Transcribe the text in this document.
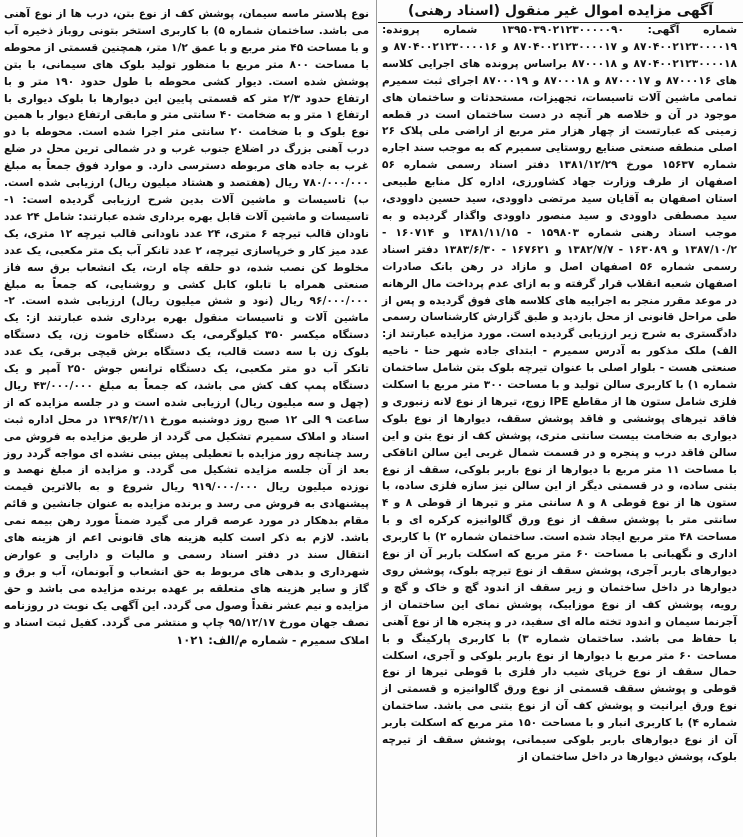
آگهی مزایده اموال غیر منقول (اسناد رهنی)

شماره آگهی: ۱۳۹۵۰۳۹۰۲۱۲۳۰۰۰۰۰۹۰ شماره پرونده: ۸۷۰۴۰۰۲۱۲۳۰۰۰۰۱۹ و ۸۷۰۴۰۰۲۱۲۳۰۰۰۰۱۷ و ۸۷۰۴۰۰۲۱۲۳۰۰۰۰۱۶ و ۸۷۰۴۰۰۲۱۲۳۰۰۰۰۱۸ و ۸۷۰۰۰۱۸ براساس پرونده های اجرایی کلاسه های ۸۷۰۰۰۱۶ و ۸۷۰۰۰۱۷ و ۸۷۰۰۰۱۸ و ۸۷۰۰۰۱۹ اجرای ثبت سمیرم تمامی ماشین آلات تاسیسات، تجهیزات، مستحدثات و ساختمان های موجود در آن و خلاصه هر آنچه در دست ساختمان است در قطعه زمینی که عبارتست از چهار هزار متر مربع از اراضی ملی پلاک ۲۶ اصلی منطقه صنعتی صنایع روستایی سمیرم که به موجب سند اجاره شماره ۱۵۶۳۷ مورخ ۱۳۸۱/۱۲/۲۹ دفتر اسناد رسمی شماره ۵۶ اصفهان از طرف وزارت جهاد کشاورزی، اداره کل منابع طبیعی استان اصفهان به آقایان سید مرتضی داوودی، سید حسین داوودی، سید مصطفی داوودی و سید منصور داوودی واگذار گردیده و به موجب اسناد رهنی شماره ۱۵۹۸۰۳ - ۱۳۸۱/۱۱/۱۵ و ۱۶۰۷۱۴ - ۱۳۸۷/۱۰/۲ و ۱۶۳۰۸۹ - ۱۳۸۲/۷/۷ و ۱۶۷۶۲۱ - ۱۳۸۳/۶/۳۰ دفتر اسناد رسمی شماره ۵۶ اصفهان اصل و مازاد در رهن بانک صادرات اصفهان شعبه انقلاب قرار گرفته و به ازای عدم پرداخت مال الرهانه در موعد مقرر منجر به اجراییه های کلاسه های فوق گردیده و پس از طی مراحل قانونی از محل بازدید و طبق گزارش کارشناسان رسمی دادگستری به شرح زیر ارزیابی گردیده است. مورد مزایده عبارتند از: الف) ملک مذکور به آدرس سمیرم - ابتدای جاده شهر حنا - ناحیه صنعتی هست - بلوار اصلی با عنوان تیرچه بلوک بتن شامل ساختمان شماره ۱) با کاربری سالن تولید و با مساحت ۳۰۰ متر مربع با اسکلت فلزی شامل ستون ها از مقاطع IPE زوج، تیرها از نوع لانه زنبوری و فاقد تیرهای پوششی و فاقد پوشش سقف، دیوارها از نوع بلوک دیواری به ضخامت بیست سانتی متری، پوشش کف از نوع بتن و این سالن فاقد درب و پنجره و در قسمت شمال غربی این سالن اتاقکی با مساحت ۱۱ متر مربع با دیوارها از نوع باربر بلوکی، سقف از نوع بتنی ساده، و در قسمتی دیگر از این سالن نیز سازه فلزی ساده، با ستون ها از نوع قوطی ۸ و ۸ سانتی متر و تیرها از قوطی ۸ و ۴ سانتی متر با پوشش سقف از نوع ورق گالوانیزه کرکره ای و با مساحت ۴۸ متر مربع ایجاد شده است. ساختمان شماره ۲) با کاربری اداری و نگهبانی با مساحت ۶۰ متر مربع که اسکلت باربر آن از نوع دیوارهای باربر آجری، پوشش سقف از نوع تیرچه بلوک، پوشش روی دیوارها در داخل ساختمان و زیر سقف از اندود گچ و خاک و گچ و رویه، پوشش کف از نوع موزاییک، پوشش نمای این ساختمان از آجرنما سیمان و اندود تخته ماله ای سفید، در و پنجره ها از نوع آهنی با حفاظ می باشد. ساختمان شماره ۳) با کاربری پارکینگ و با مساحت ۶۰ متر مربع با دیوارها از نوع باربر بلوکی و آجری، اسکلت حمال سقف از نوع خرپای شیب دار فلزی با قوطی تیرها از نوع قوطی و پوشش سقف قسمتی از نوع ورق گالوانیزه و قسمتی از نوع ورق ایرانیت و پوشش کف آن از نوع بتنی می باشد. ساختمان شماره ۴) با کاربری انبار و با مساحت ۱۵۰ متر مربع که اسکلت باربر آن از نوع دیوارهای باربر بلوکی سیمانی، پوشش سقف از تیرچه بلوک، پوشش دیوارها در داخل ساختمان از

نوع پلاستر ماسه سیمان، پوشش کف از نوع بتن، درب ها از نوع آهنی می باشد. ساختمان شماره ۵) با کاربری استخر بتونی روباز ذخیره آب و با مساحت ۴۵ متر مربع و با عمق ۱/۲ متر، همچنین قسمتی از محوطه با مساحت ۸۰۰ متر مربع با منظور تولید بلوک های سیمانی، با بتن پوشش شده است. دیوار کشی محوطه با طول حدود ۱۹۰ متر و با ارتفاع حدود ۲/۳ متر که قسمتی پایین این دیوارها با بلوک دیواری با ارتفاع ۱ متر و به ضخامت ۴۰ سانتی متر و مابقی ارتفاع دیوار با همین نوع بلوک و با ضخامت ۲۰ سانتی متر اجرا شده است. محوطه با دو درب آهنی بزرگ در اضلاع جنوب غرب و در شمالی ترین محل در ضلع غرب به جاده های مربوطه دسترسی دارد. و موارد فوق جمعاً به مبلغ ۷۸۰/۰۰۰/۰۰۰ ریال (هفتصد و هشتاد میلیون ریال) ارزیابی شده است. ب) تاسیسات و ماشین آلات بدین شرح ارزیابی گردیده است: ۱- تاسیسات و ماشین آلات قابل بهره برداری شده عبارتند: شامل ۲۴ عدد ناودان قالب تیرچه ۶ متری، ۲۴ عدد ناودانی قالب تیرچه ۱۲ متری، یک عدد میز کار و خرپاسازی تیرچه، ۲ عدد تانکر آب یک متر مکعبی، یک عدد مخلوط کن نصب شده، دو حلقه چاه ارت، یک انشعاب برق سه فاز صنعتی همراه با تابلو، کابل کشی و روشنایی، که جمعاً به مبلغ ۹۶/۰۰۰/۰۰۰ ریال (نود و شش میلیون ریال) ارزیابی شده است. ۲- ماشین آلات و تاسیسات منقول بهره برداری شده عبارتند از: یک دستگاه میکسر ۳۵۰ کیلوگرمی، یک دستگاه خاموت زن، یک دستگاه بلوک زن با سه دست قالب، یک دستگاه برش قیچی برقی، یک عدد تانکر آب دو متر مکعبی، یک دستگاه ترانس جوش ۲۵۰ آمپر و یک دستگاه پمپ کف کش می باشد، که جمعاً به مبلغ ۴۳/۰۰۰/۰۰۰ ریال (چهل و سه میلیون ریال) ارزیابی شده است و در جلسه مزایده که از ساعت ۹ الی ۱۲ صبح روز دوشنبه مورخ ۱۳۹۶/۲/۱۱ در محل اداره ثبت اسناد و املاک سمیرم تشکیل می گردد از طریق مزایده به فروش می رسد چنانچه روز مزایده با تعطیلی پیش بینی نشده ای مواجه گردد روز بعد از آن جلسه مزایده تشکیل می گردد. و مزایده از مبلغ نهصد و نوزده میلیون ریال ۹۱۹/۰۰۰/۰۰۰ ریال شروع و به بالاترین قیمت پیشنهادی به فروش می رسد و برنده مزایده به عنوان جانشین و قائم مقام بدهکار در مورد عرصه قرار می گیرد ضمناً مورد رهن بیمه نمی باشد. لازم به ذکر است کلیه هزینه های قانونی اعم از هزینه های انتقال سند در دفتر اسناد رسمی و مالیات و دارایی و عوارض شهرداری و بدهی های مربوط به حق انشعاب و آبونمان، آب و برق و گاز و سایر هزینه های متعلقه بر عهده برنده مزایده می باشد و حق مزایده و نیم عشر نقداً وصول می گردد. این آگهی یک نوبت در روزنامه نصف جهان مورخ ۹۵/۱۲/۱۷ چاپ و منتشر می گردد. کفیل ثبت اسناد و املاک سمیرم - شماره م/الف: ۱۰۲۱
